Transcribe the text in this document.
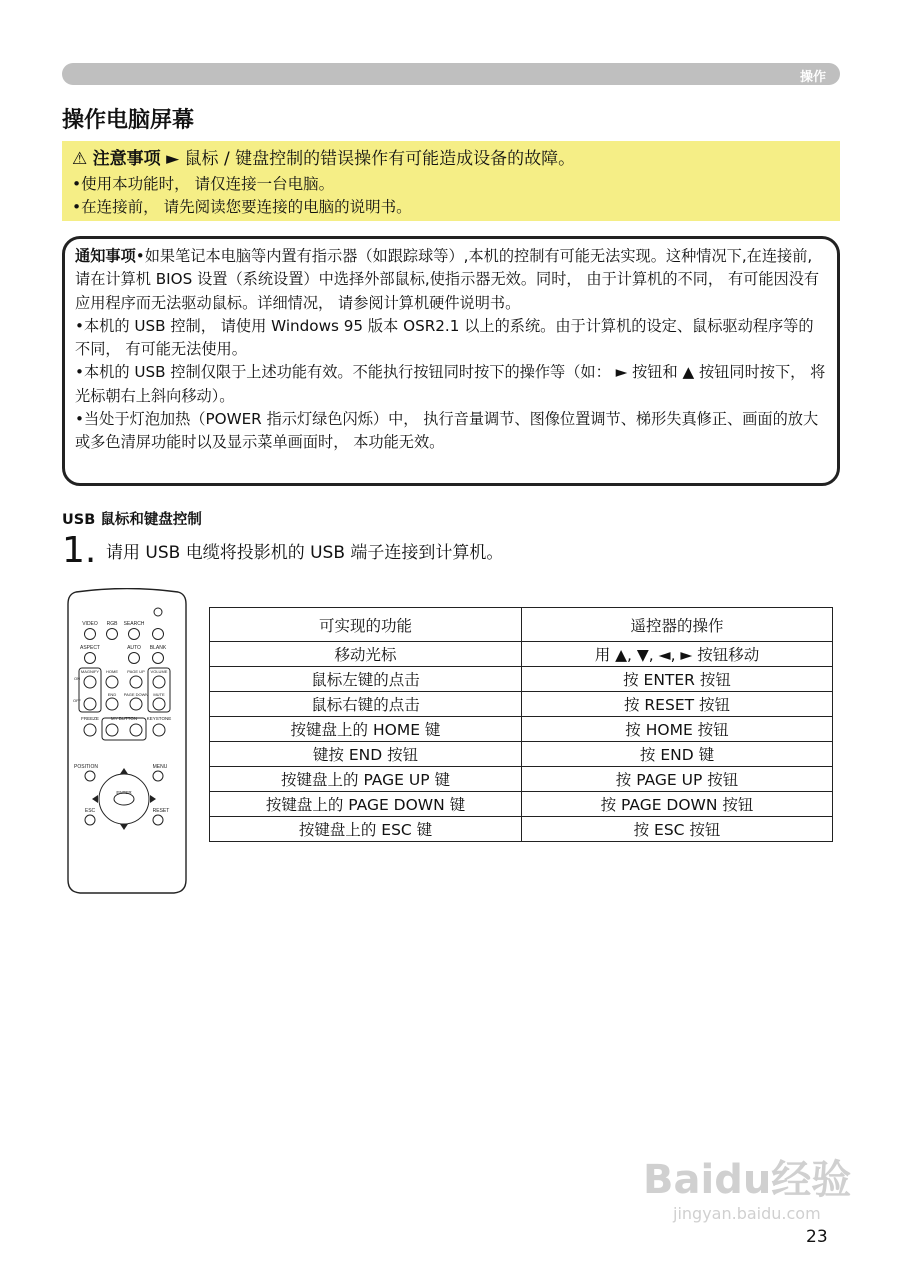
操作
操作电脑屏幕
⚠ 注意事项 ► 鼠标 / 键盘控制的错误操作有可能造成设备的故障。
•使用本功能时， 请仅连接一台电脑。
•在连接前， 请先阅读您要连接的电脑的说明书。

通知事项•如果笔记本电脑等内置有指示器（如跟踪球等）,本机的控制有可能无法实现。这种情况下,在连接前,请在计算机 BIOS 设置（系统设置）中选择外部鼠标,使指示器无效。同时， 由于计算机的不同， 有可能因没有应用程序而无法驱动鼠标。详细情况， 请参阅计算机硬件说明书。

•本机的 USB 控制， 请使用 Windows 95 版本 OSR2.1 以上的系统。由于计算机的设定、鼠标驱动程序等的不同， 有可能无法使用。

•本机的 USB 控制仅限于上述功能有效。不能执行按钮同时按下的操作等（如： ► 按钮和 ▲ 按钮同时按下， 将光标朝右上斜向移动）。

•当处于灯泡加热（POWER 指示灯绿色闪烁）中， 执行音量调节、图像位置调节、梯形失真修正、画面的放大或多色清屏功能时以及显示菜单画面时， 本功能无效。

USB 鼠标和键盘控制
1. 请用 USB 电缆将投影机的 USB 端子连接到计算机。
VIDEO RGB SEARCH
ASPECT	AUTO BLANK
MAGNIFY
ON
OFF
HOME PAGE UP VOLUME
END PAGE DOWN MUTE
FREEZE	MY BUTTON KEYSTONE
POSITION	MENU
ENTER
ESC	RESET
可实现的功能	遥控器的操作
移动光标	用 ▲, ▼, ◄, ► 按钮移动
鼠标左键的点击	按 ENTER 按钮
鼠标右键的点击	按 RESET 按钮
按键盘上的 HOME 键	按 HOME 按钮
键按 END 按钮	按 END 键
按键盘上的 PAGE UP 键	按 PAGE UP 按钮
按键盘上的 PAGE DOWN 键	按 PAGE DOWN 按钮
按键盘上的 ESC 键	按 ESC 按钮
Baidu经验
jingyan.baidu.com
23
